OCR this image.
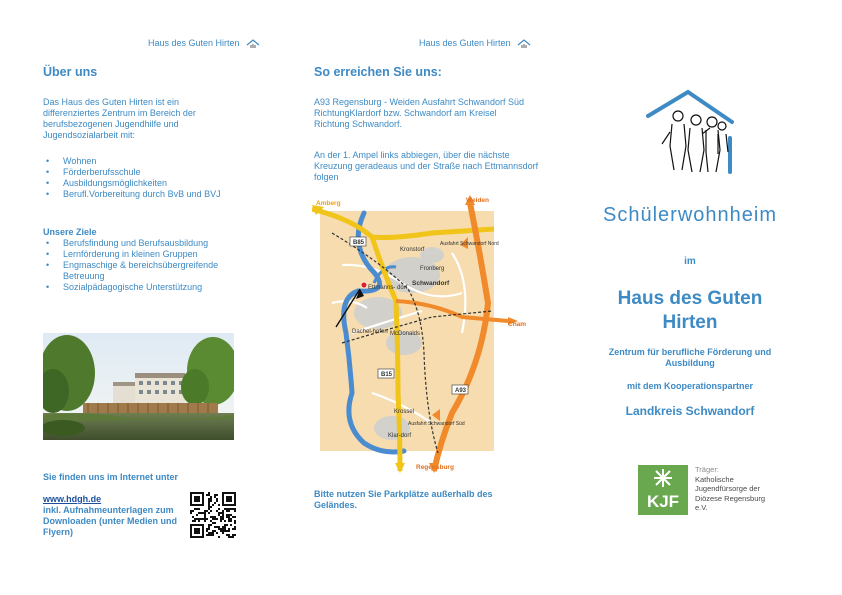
Haus des Guten Hirten
Über uns
Das Haus des Guten Hirten ist ein differenziertes Zentrum im Bereich der berufsbezogenen Jugendhilfe und Jugendsozialarbeit mit:
• Wohnen
• Förderberufsschule
• Ausbildungsmöglichkeiten
• Berufl.Vorbereitung durch BvB und BVJ
Unsere Ziele
• Berufsfindung und Berufsausbildung
• Lernförderung in kleinen Gruppen
• Engmaschige & bereichsübergreifende Betreuung
• Sozialpädagogische Unterstützung
Sie finden uns im Internet unter
www.hdgh.de
inkl. Aufnahmeunterlagen zum Downloaden (unter Medien und Flyern)
Haus des Guten Hirten
So erreichen Sie uns:
A93 Regensburg - Weiden Ausfahrt Schwandorf Süd RichtungKlardorf bzw. Schwandorf am Kreisel Richtung Schwandorf.
An der 1. Ampel links abbiegen, über die nächste Kreuzung geradeaus und der Straße nach Ettmannsdorf folgen
Amberg	Weiden
Cham
Regensburg
Schwandorf
Kronstorf
Fronberg
Ettmanns- dorf
Ausfahrt Schwandorf Nord
Ausfahrt Schwandorf Süd
Dachel-hofen McDonalds
Krossel
Klar-dorf
B85
B15
A93
Bitte nutzen Sie Parkplätze außerhalb des Geländes.
Schülerwohnheim
im
Haus des Guten Hirten
Zentrum für berufliche Förderung und Ausbildung
mit dem Kooperationspartner
Landkreis Schwandorf
KJF
Träger:
Katholische Jugendfürsorge der Diözese Regensburg e.V.
